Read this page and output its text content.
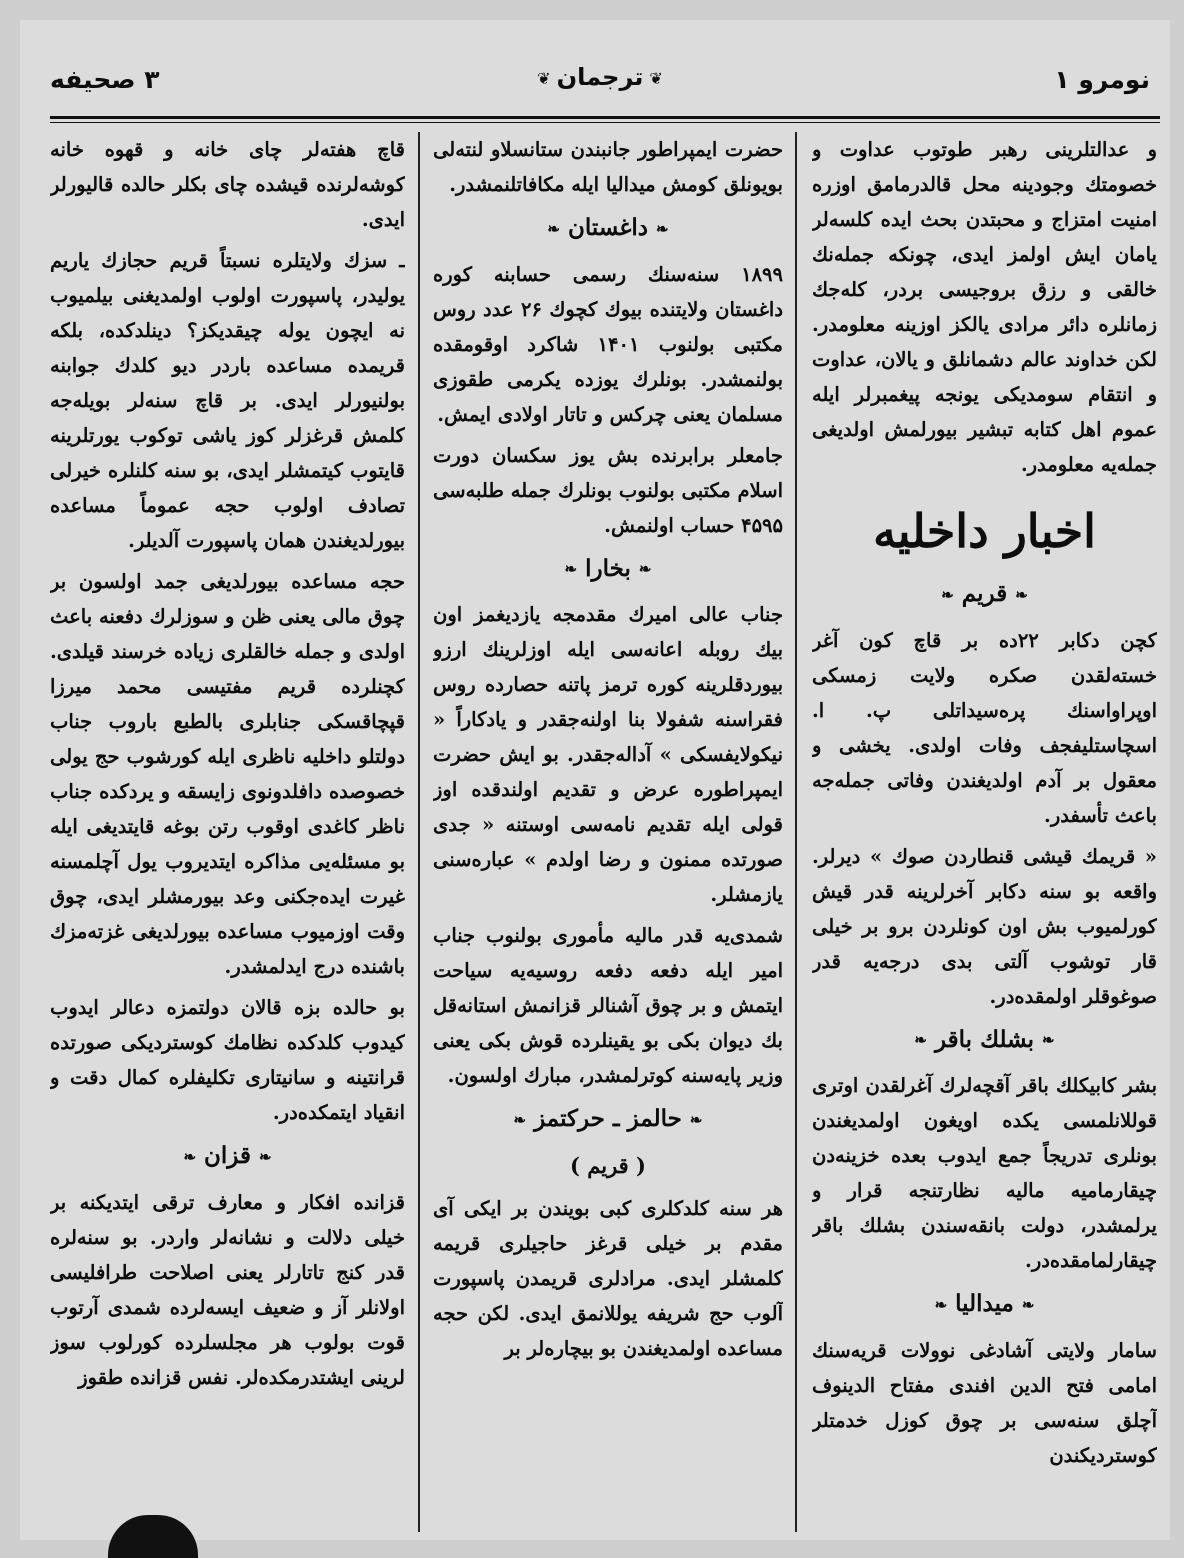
نومرو ۱
❦ترجمان❦
۳ صحیفه

و عدالتلرینی رهبر طوتوب عداوت و خصومتك وجودینه محل قالدرمامق اوزره امنیت امتزاج و محبتدن بحث ایده کلسه‌لر یامان ایش اولمز ایدی، چونکه جمله‌نك خالقی و رزق بروجیسی بردر، کله‌جك زمانلره دائر مرادی یالکز اوزینه معلومدر. لکن خداوند عالم دشمانلق و یالان، عداوت و انتقام سومدیکی یونجه پیغمبرلر ایله عموم اهل کتابه تبشیر بیورلمش اولدیغی جمله‌یه معلومدر.

اخبار داخلیه
❧قریم❧

کچن دکابر ۲۲ده بر قاچ کون آغر خسته‌لقدن صکره ولایت زمسکی اوپراواسنك پره‌سیداتلی پ. ا. اسچاستلیفجف وفات اولدی. یخشی و معقول بر آدم اولدیغندن وفاتی جمله‌جه باعث تأسفدر.

« قریمك قیشی قنطاردن صوك » دیرلر. واقعه بو سنه دکابر آخرلرینه قدر قیش کورلمیوب بش اون کونلردن برو بر خیلی قار توشوب آلتی بدی درجه‌یه قدر صوغوقلر اولمقده‌در.

❧بشلك باقر❧

بشر کابیکلك باقر آقچه‌لرك آغرلقدن اوتری قوللانلمسی یکده اویغون اولمدیغندن بونلری تدریجاً جمع ایدوب بعده خزینه‌دن چیقارمامیه مالیه نظارتنجه قرار و یرلمشدر، دولت بانقه‌سندن بشلك باقر چیقارلمامقده‌در.

❧میدالیا❧

سامار ولایتی آشادغی نوولات قریه‌سنك امامی فتح الدین افندی مفتاح الدینوف آچلق سنه‌سی بر چوق کوزل خدمتلر کوستردیکندن

حضرت ایمپراطور جانبندن ستانسلاو لنته‌لی بویونلق کومش میدالیا ایله مکافاتلنمشدر.

❧داغستان❧

۱۸۹۹ سنه‌سنك رسمی حسابنه کوره داغستان ولایتنده بیوك کچوك ۲۶ عدد روس مکتبی بولنوب ۱۴۰۱ شاکرد اوقومقده بولنمشدر. بونلرك یوزده یکرمی طقوزی مسلمان یعنی چرکس و تاتار اولادی ایمش.

جامعلر برابرنده بش یوز سکسان دورت اسلام مکتبی بولنوب بونلرك جمله طلبه‌سی ۴۵۹۵ حساب اولنمش.

❧بخارا❧

جناب عالی امیرك مقدمجه یازدیغمز اون بیك روبله اعانه‌سی ایله اوزلرینك ارزو بیوردقلرینه کوره ترمز پاتنه حصارده روس فقراسنه شفولا بنا اولنه‌جقدر و یادکاراً « نیکولایفسکی » آدا‌له‌جقدر. بو ایش حضرت ایمپراطوره عرض و تقدیم اولندقده اوز قولی ایله تقدیم نامه‌سی اوستنه « جدی صورتده ممنون و رضا اولدم » عباره‌سنی یازمشلر.

شمدی‌یه قدر مالیه مأموری بولنوب جناب امیر ایله دفعه دفعه روسیه‌یه سیاحت ایتمش و بر چوق آشنالر قزانمش استانه‌قل بك دیوان بکی بو یقینلرده قوش بکی یعنی وزیر پایه‌سنه کوترلمشدر، مبارك اولسون.

❧حالمز ـ حرکتمز❧
( قریم )

هر سنه کلدکلری کبی بویندن بر ایکی آی مقدم بر خیلی قرغز حاجیلری قریمه کلمشلر ایدی. مرادلری قریمدن پاسپورت آلوب حج شریفه یوللانمق ایدی. لکن حجه مساعده اولمدیغندن بو بیچاره‌لر بر

قاچ هفته‌لر چای خانه و قهوه خانه کوشه‌لرنده قیشده چای بکلر حالده قالیورلر ایدی.

ـ سزك ولایتلره نسبتاً قریم حجازك یاریم یولیدر، پاسپورت اولوب اولمدیغنی بیلمیوب نه ایچون یوله چیقدیکز؟ دینلدکده، بلکه قریمده مساعده باردر دیو کلدك جوابنه بولنیورلر ایدی. بر قاچ سنه‌لر بویله‌جه کلمش قرغزلر کوز یاشی توکوب یورتلرینه قایتوب کیتمشلر ایدی، بو سنه کلنلره خیرلی تصادف اولوب حجه عموماً مساعده بیورلدیغندن همان پاسپورت آلدیلر.

حجه مساعده بیورلدیغی جمد اولسون بر چوق مالی یعنی ظن و سوزلرك دفعنه باعث اولدی و جمله خالقلری زیاده خرسند قیلدی. کچنلرده قریم مفتیسی محمد میرزا قپچاقسکی جنابلری بالطبع باروب جناب دولتلو داخلیه ناظری ایله کورشوب حج یولی خصوصده دافلدونوی زایسقه و یردکده جناب ناظر کاغدی اوقوب رتن بوغه قایتدیغی ایله بو مسئله‌یی مذاکره ایتدیروب یول آچلمسنه غیرت ایده‌جکنی وعد بیورمشلر ایدی، چوق وقت اوزمیوب مساعده بیورلدیغی غزته‌مزك باشنده درج ایدلمشدر.

بو حالده بزه قالان دولتمزه دعالر ایدوب کیدوب کلدکده نظامك کوستردیکی صورتده قرانتینه و سانیتاری تکلیفلره کمال دقت و انقیاد ایتمکده‌در.

❧قزان❧

قزانده افکار و معارف ترقی ایتدیکنه بر خیلی دلالت و نشانه‌لر واردر. بو سنه‌لره قدر کنج تاتارلر یعنی اصلاحت طرافلیسی اولانلر آز و ضعیف ایسه‌لرده شمدی آرتوب قوت بولوب هر مجلسلرده کورلوب سوز لرینی ایشتدرمکده‌لر. نفس قزانده طقوز
